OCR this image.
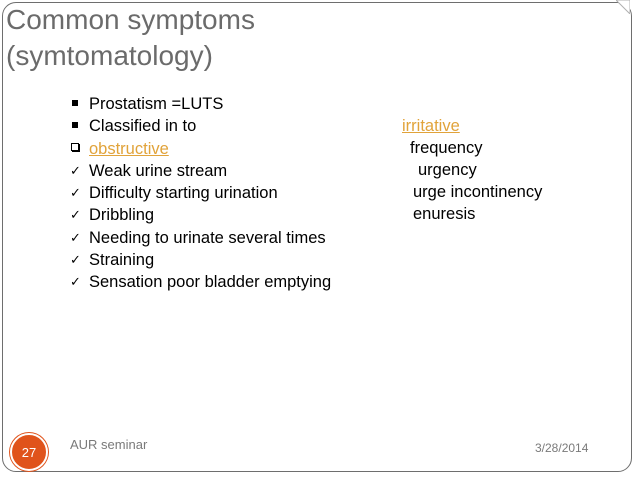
Common symptoms
(symtomatology)
Prostatism =LUTS
Classified in to
obstructive
✓ Weak urine stream
✓ Difficulty starting urination
✓ Dribbling
✓ Needing to urinate several times
✓ Straining
✓ Sensation poor bladder emptying
irritative
frequency
urgency
urge incontinency
enuresis
27	AUR seminar	3/28/2014
